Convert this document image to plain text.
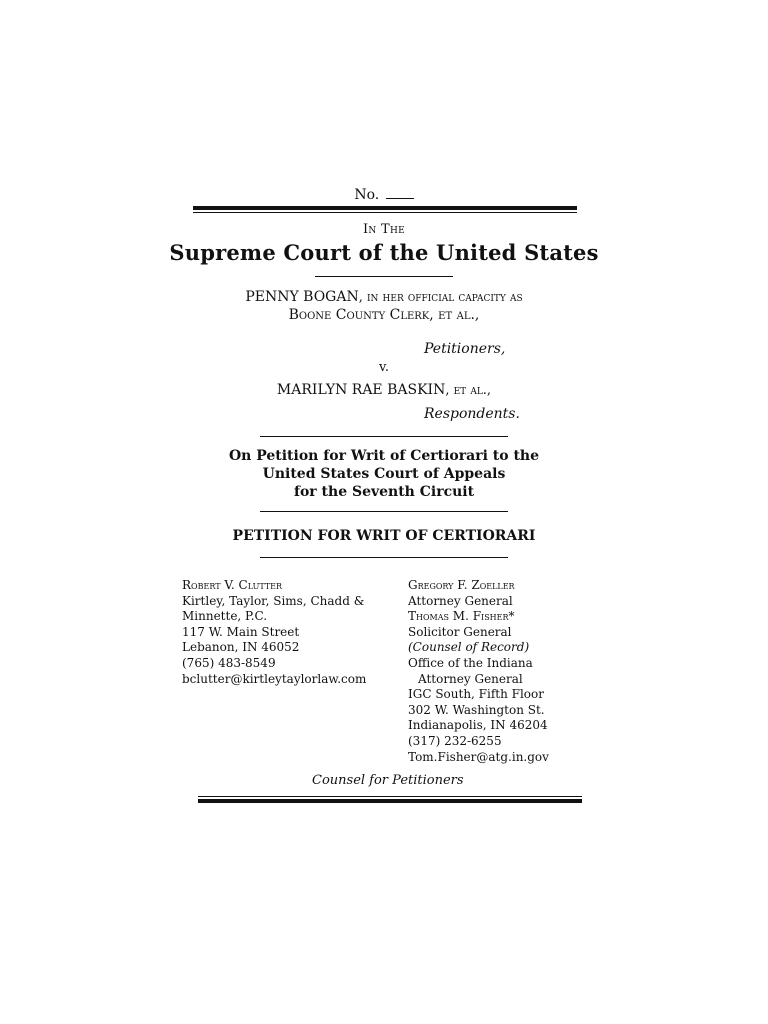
No.
In The
Supreme Court of the United States
PENNY BOGAN, in her official capacity as
Boone County Clerk, et al.,
Petitioners,
v.
MARILYN RAE BASKIN, et al.,
Respondents.
On Petition for Writ of Certiorari to the
United States Court of Appeals
for the Seventh Circuit
PETITION FOR WRIT OF CERTIORARI
Robert V. Clutter
Kirtley, Taylor, Sims, Chadd &
Minnette, P.C.
117 W. Main Street
Lebanon, IN 46052
(765) 483-8549
bclutter@kirtleytaylorlaw.com
Gregory F. Zoeller
Attorney General
Thomas M. Fisher*
Solicitor General
(Counsel of Record)
Office of the Indiana
Attorney General
IGC South, Fifth Floor
302 W. Washington St.
Indianapolis, IN 46204
(317) 232-6255
Tom.Fisher@atg.in.gov
Counsel for Petitioners
